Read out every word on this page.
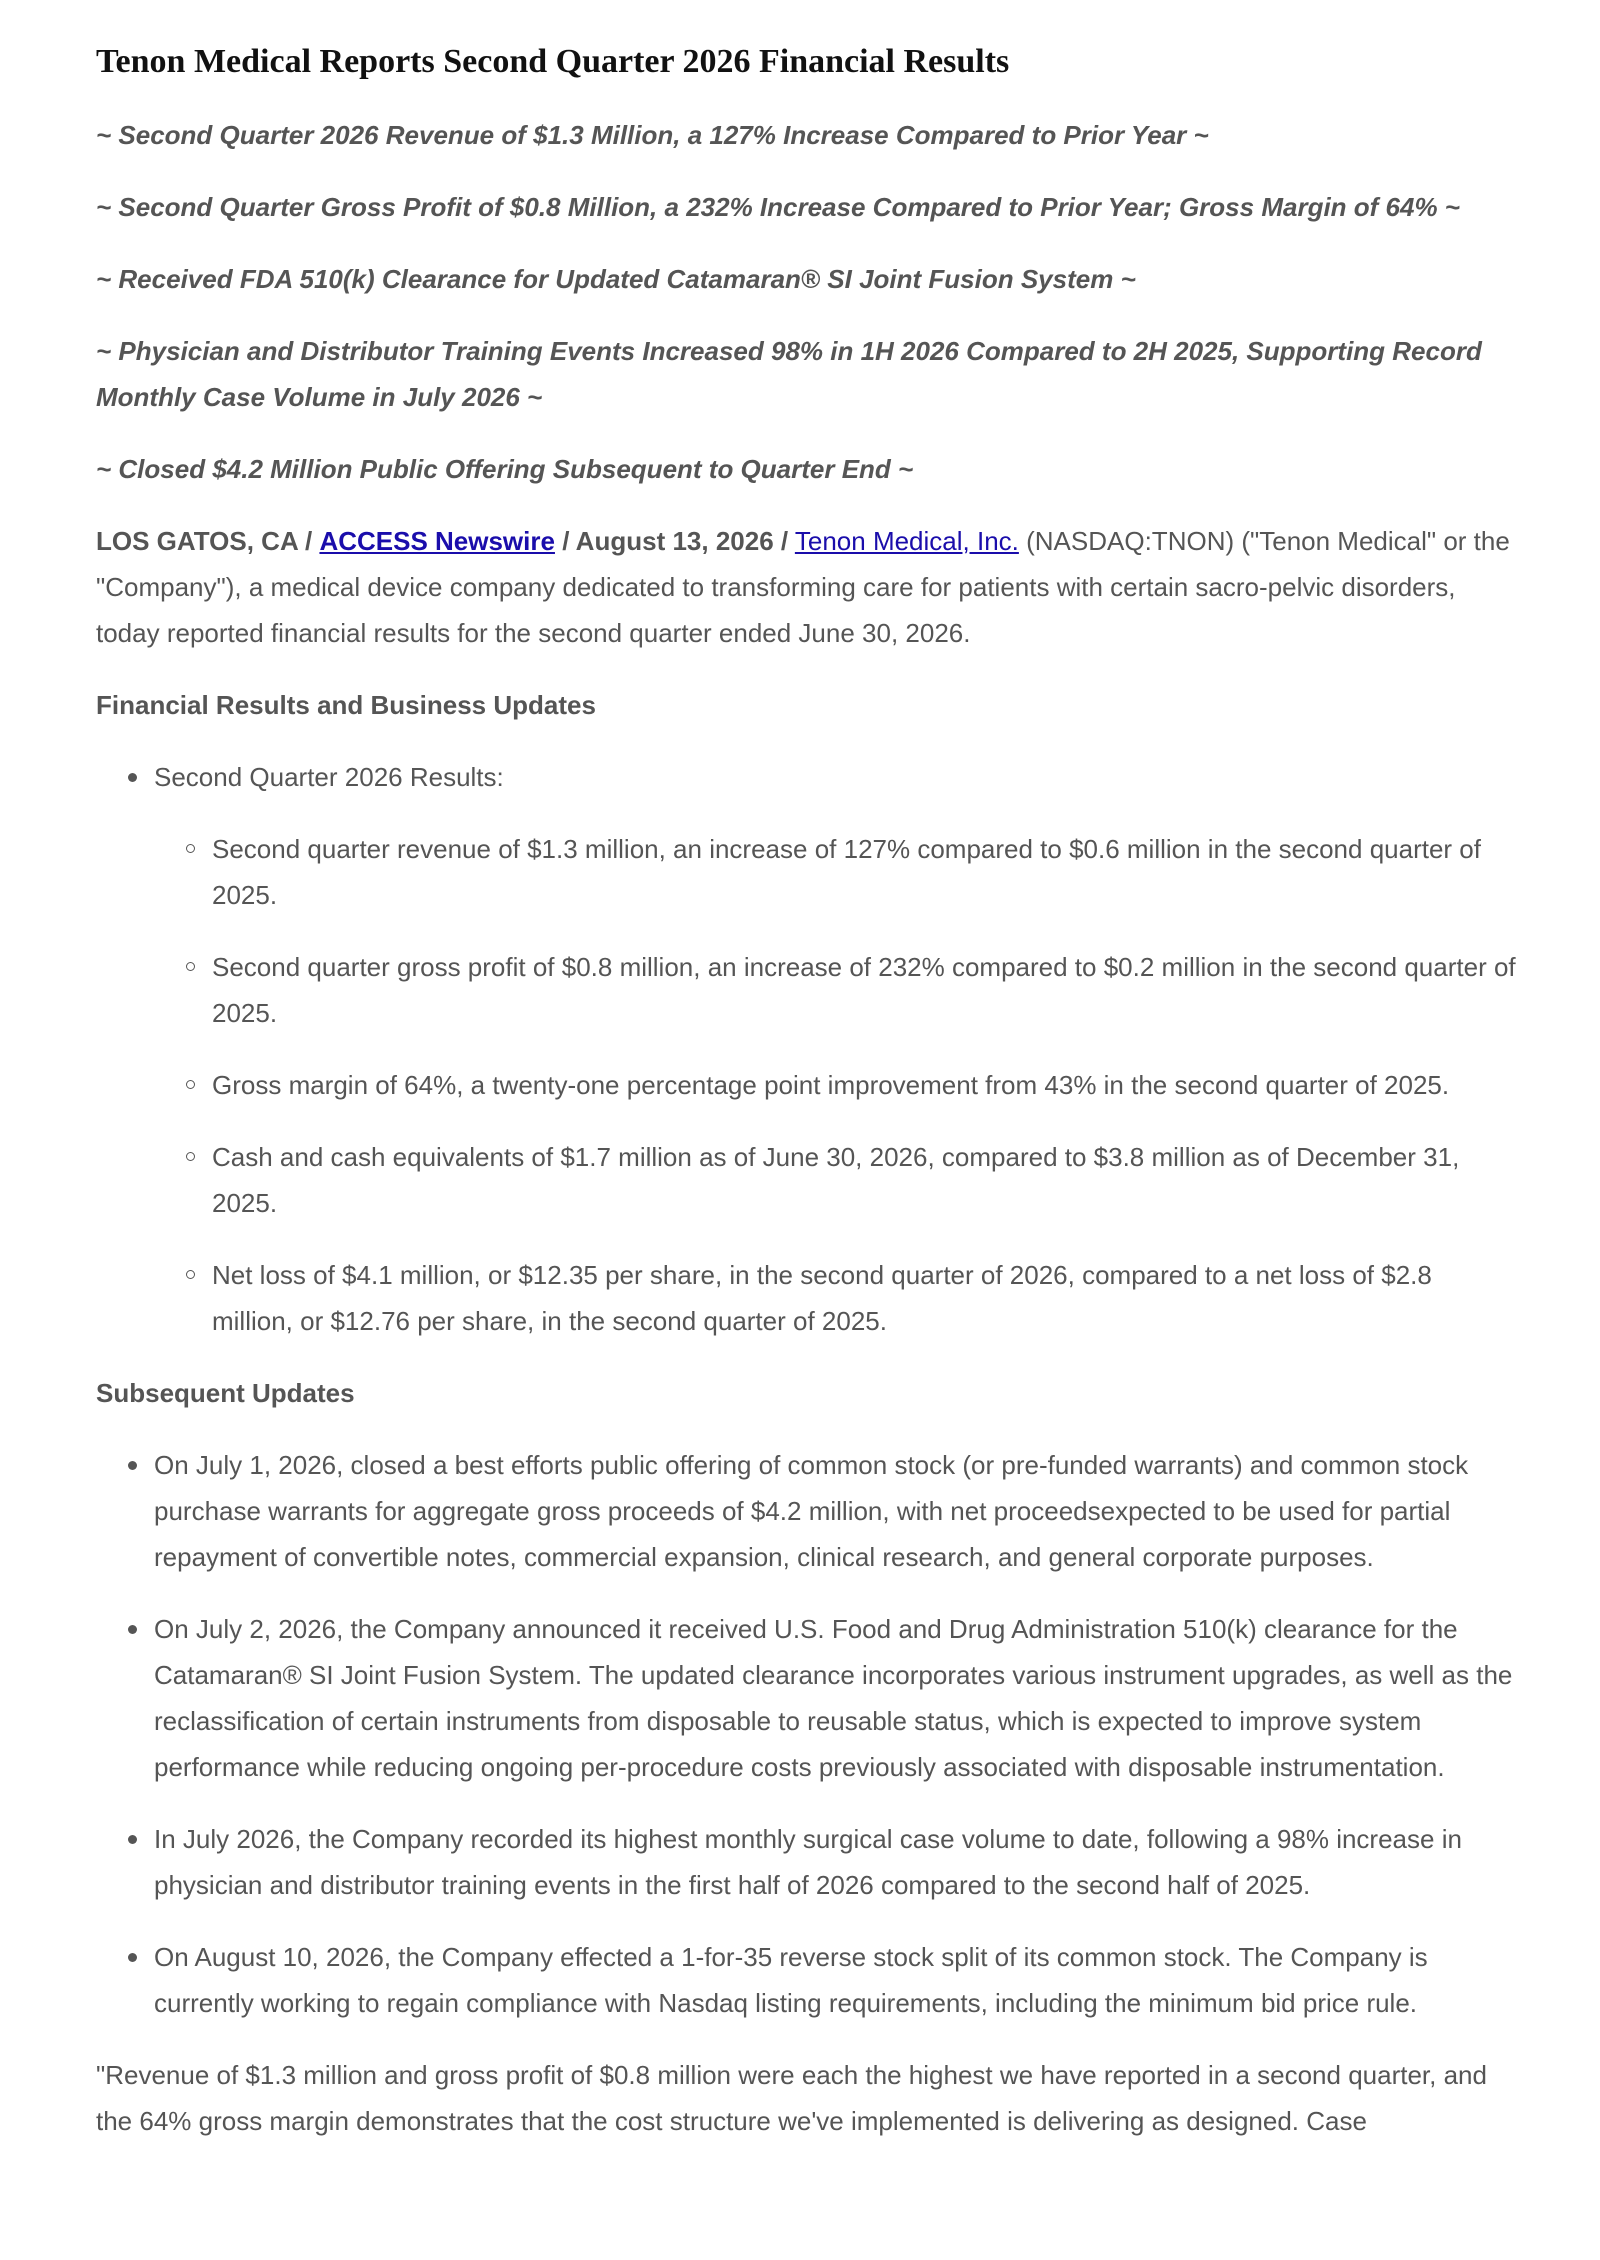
Tenon Medical Reports Second Quarter 2026 Financial Results

~ Second Quarter 2026 Revenue of $1.3 Million, a 127% Increase Compared to Prior Year ~

~ Second Quarter Gross Profit of $0.8 Million, a 232% Increase Compared to Prior Year; Gross Margin of 64% ~

~ Received FDA 510(k) Clearance for Updated Catamaran® SI Joint Fusion System ~

~ Physician and Distributor Training Events Increased 98% in 1H 2026 Compared to 2H 2025, Supporting Record Monthly Case Volume in July 2026 ~

~ Closed $4.2 Million Public Offering Subsequent to Quarter End ~

LOS GATOS, CA / ACCESS Newswire / August 13, 2026 / Tenon Medical, Inc. (NASDAQ:TNON) ("Tenon Medical" or the "Company"), a medical device company dedicated to transforming care for patients with certain sacro-pelvic disorders, today reported financial results for the second quarter ended June 30, 2026.

Financial Results and Business Updates

Second Quarter 2026 Results:
Second quarter revenue of $1.3 million, an increase of 127% compared to $0.6 million in the second quarter of 2025.
Second quarter gross profit of $0.8 million, an increase of 232% compared to $0.2 million in the second quarter of 2025.
Gross margin of 64%, a twenty-one percentage point improvement from 43% in the second quarter of 2025.
Cash and cash equivalents of $1.7 million as of June 30, 2026, compared to $3.8 million as of December 31, 2025.
Net loss of $4.1 million, or $12.35 per share, in the second quarter of 2026, compared to a net loss of $2.8 million, or $12.76 per share, in the second quarter of 2025.

Subsequent Updates

On July 1, 2026, closed a best efforts public offering of common stock (or pre-funded warrants) and common stock purchase warrants for aggregate gross proceeds of $4.2 million, with net proceedsexpected to be used for partial repayment of convertible notes, commercial expansion, clinical research, and general corporate purposes.
On July 2, 2026, the Company announced it received U.S. Food and Drug Administration 510(k) clearance for the Catamaran® SI Joint Fusion System. The updated clearance incorporates various instrument upgrades, as well as the reclassification of certain instruments from disposable to reusable status, which is expected to improve system performance while reducing ongoing per-procedure costs previously associated with disposable instrumentation.
In July 2026, the Company recorded its highest monthly surgical case volume to date, following a 98% increase in physician and distributor training events in the first half of 2026 compared to the second half of 2025.
On August 10, 2026, the Company effected a 1-for-35 reverse stock split of its common stock. The Company is currently working to regain compliance with Nasdaq listing requirements, including the minimum bid price rule.

"Revenue of $1.3 million and gross profit of $0.8 million were each the highest we have reported in a second quarter, and the 64% gross margin demonstrates that the cost structure we've implemented is delivering as designed. Case
